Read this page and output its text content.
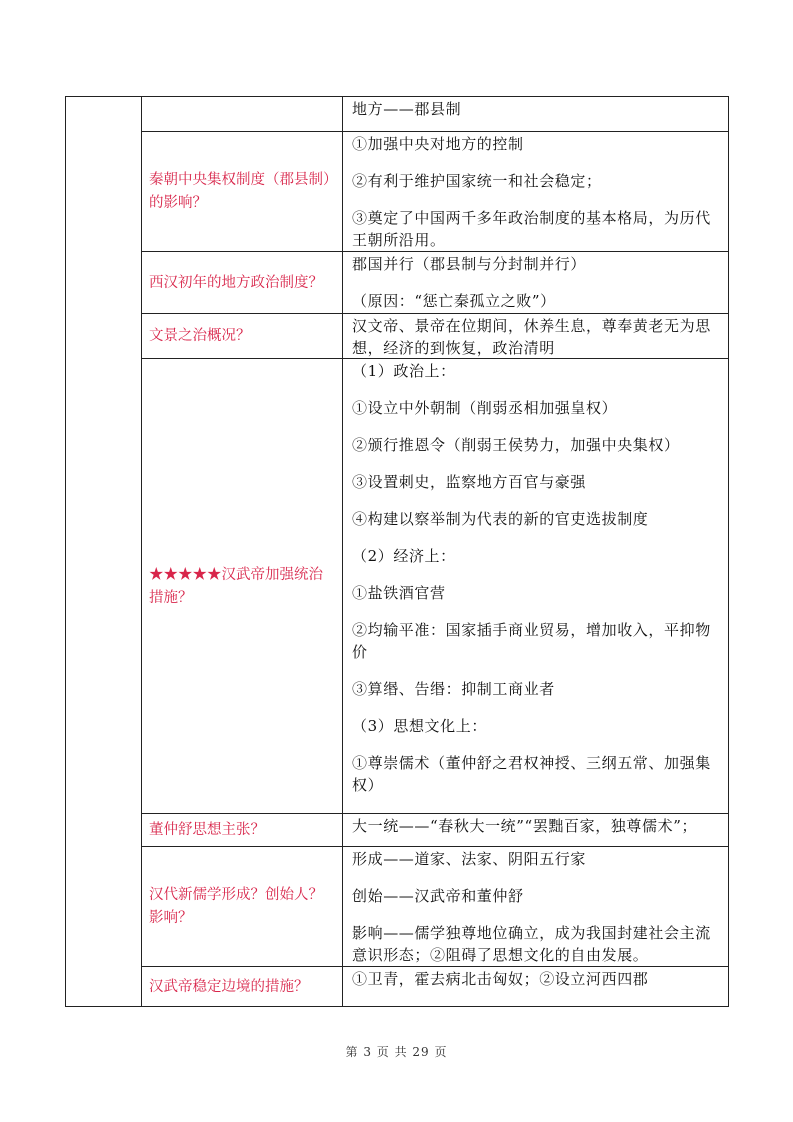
地方——郡县制

秦朝中央集权制度（郡县制）的影响？

①加强中央对地方的控制

②有利于维护国家统一和社会稳定；

③奠定了中国两千多年政治制度的基本格局，为历代王朝所沿用。

西汉初年的地方政治制度？

郡国并行（郡县制与分封制并行）

（原因：“惩亡秦孤立之败”）

文景之治概况？

汉文帝、景帝在位期间，休养生息，尊奉黄老无为思想，经济的到恢复，政治清明

★★★★★汉武帝加强统治措施？

（1）政治上：

①设立中外朝制（削弱丞相加强皇权）

②颁行推恩令（削弱王侯势力，加强中央集权）

③设置刺史，监察地方百官与豪强

④构建以察举制为代表的新的官吏选拔制度

（2）经济上：

①盐铁酒官营

②均输平准：国家插手商业贸易，增加收入，平抑物价

③算缗、告缗：抑制工商业者

（3）思想文化上：

①尊崇儒术（董仲舒之君权神授、三纲五常、加强集权）

董仲舒思想主张？	大一统——“春秋大一统”“罢黜百家，独尊儒术”；

汉代新儒学形成？创始人？影响？

形成——道家、法家、阴阳五行家

创始——汉武帝和董仲舒

影响——儒学独尊地位确立，成为我国封建社会主流意识形态；②阻碍了思想文化的自由发展。

汉武帝稳定边境的措施？	①卫青，霍去病北击匈奴；②设立河西四郡

第 3 页 共 29 页
